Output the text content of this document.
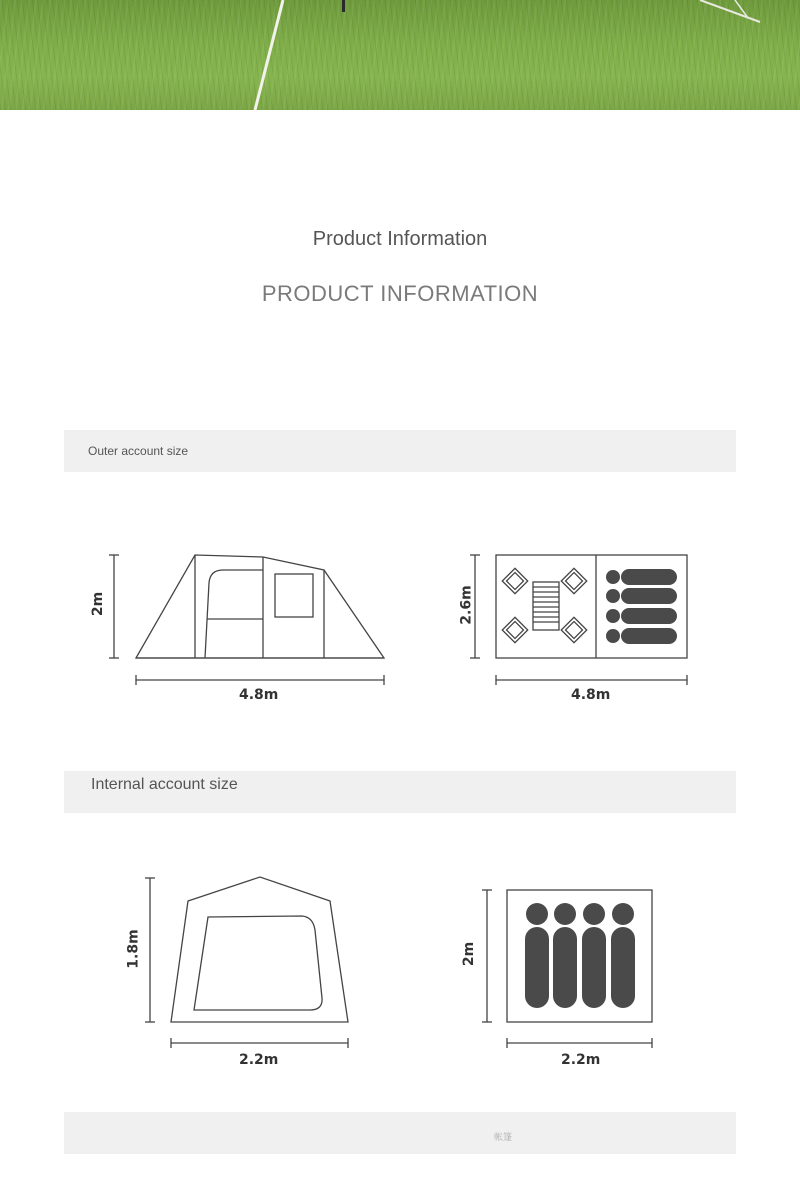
Product Information
PRODUCT INFORMATION
Outer account size
2m
4.8m
2.6m
4.8m
Internal account size
1.8m
2.2m
2m
2.2m
帐篷
